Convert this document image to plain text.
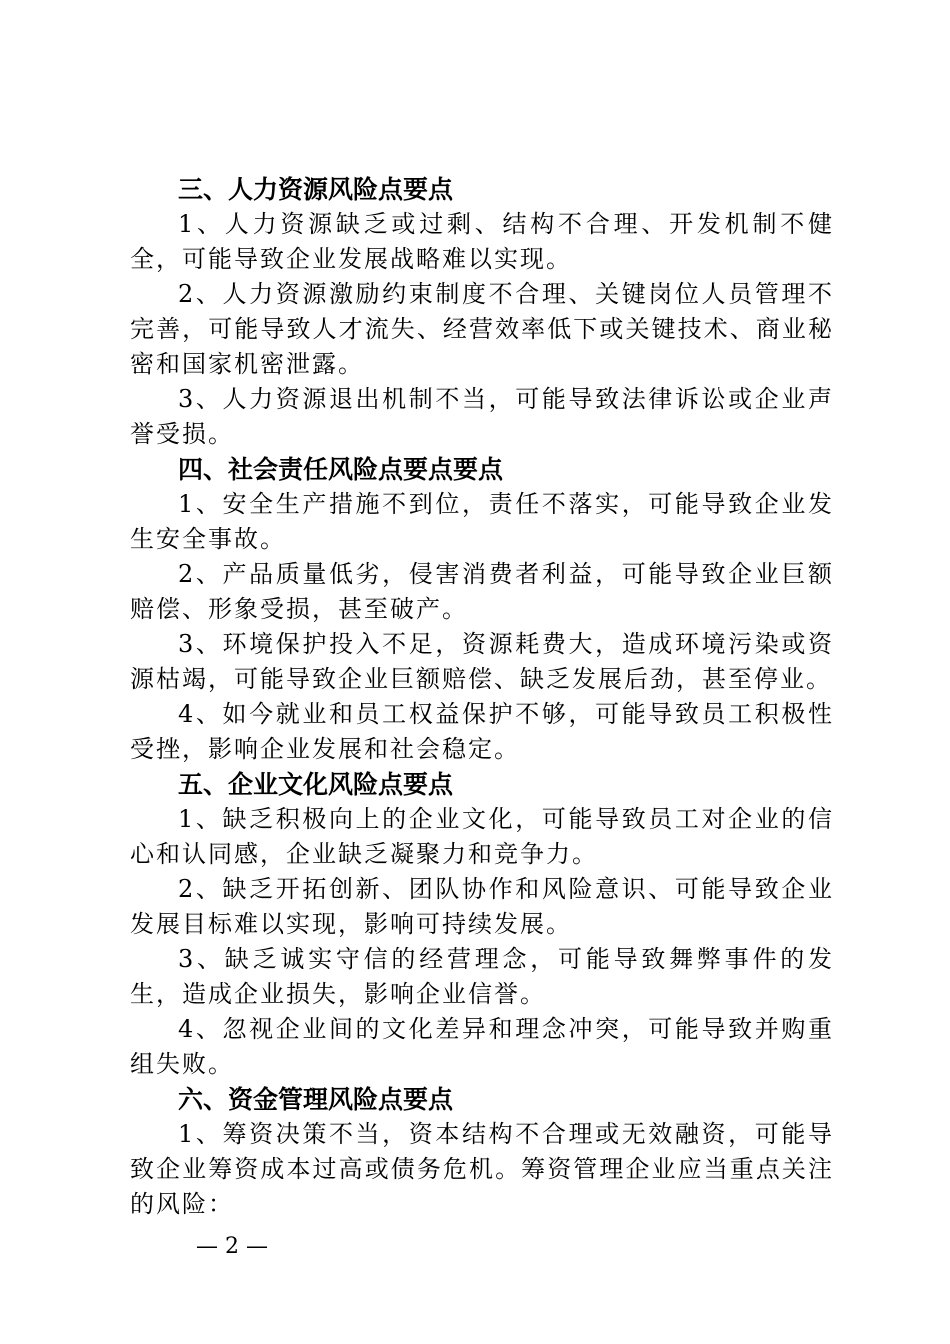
三、人力资源风险点要点

1、人力资源缺乏或过剩、结构不合理、开发机制不健全，可能导致企业发展战略难以实现。

2、人力资源激励约束制度不合理、关键岗位人员管理不完善，可能导致人才流失、经营效率低下或关键技术、商业秘密和国家机密泄露。

3、人力资源退出机制不当，可能导致法律诉讼或企业声誉受损。

四、社会责任风险点要点要点

1、安全生产措施不到位，责任不落实，可能导致企业发生安全事故。

2、产品质量低劣，侵害消费者利益，可能导致企业巨额赔偿、形象受损，甚至破产。

3、环境保护投入不足，资源耗费大，造成环境污染或资源枯竭，可能导致企业巨额赔偿、缺乏发展后劲，甚至停业。

4、如今就业和员工权益保护不够，可能导致员工积极性受挫，影响企业发展和社会稳定。

五、企业文化风险点要点

1、缺乏积极向上的企业文化，可能导致员工对企业的信心和认同感，企业缺乏凝聚力和竞争力。

2、缺乏开拓创新、团队协作和风险意识、可能导致企业发展目标难以实现，影响可持续发展。

3、缺乏诚实守信的经营理念，可能导致舞弊事件的发生，造成企业损失，影响企业信誉。

4、忽视企业间的文化差异和理念冲突，可能导致并购重组失败。

六、资金管理风险点要点

1、筹资决策不当，资本结构不合理或无效融资，可能导致企业筹资成本过高或债务危机。筹资管理企业应当重点关注的风险：

— 2 —
